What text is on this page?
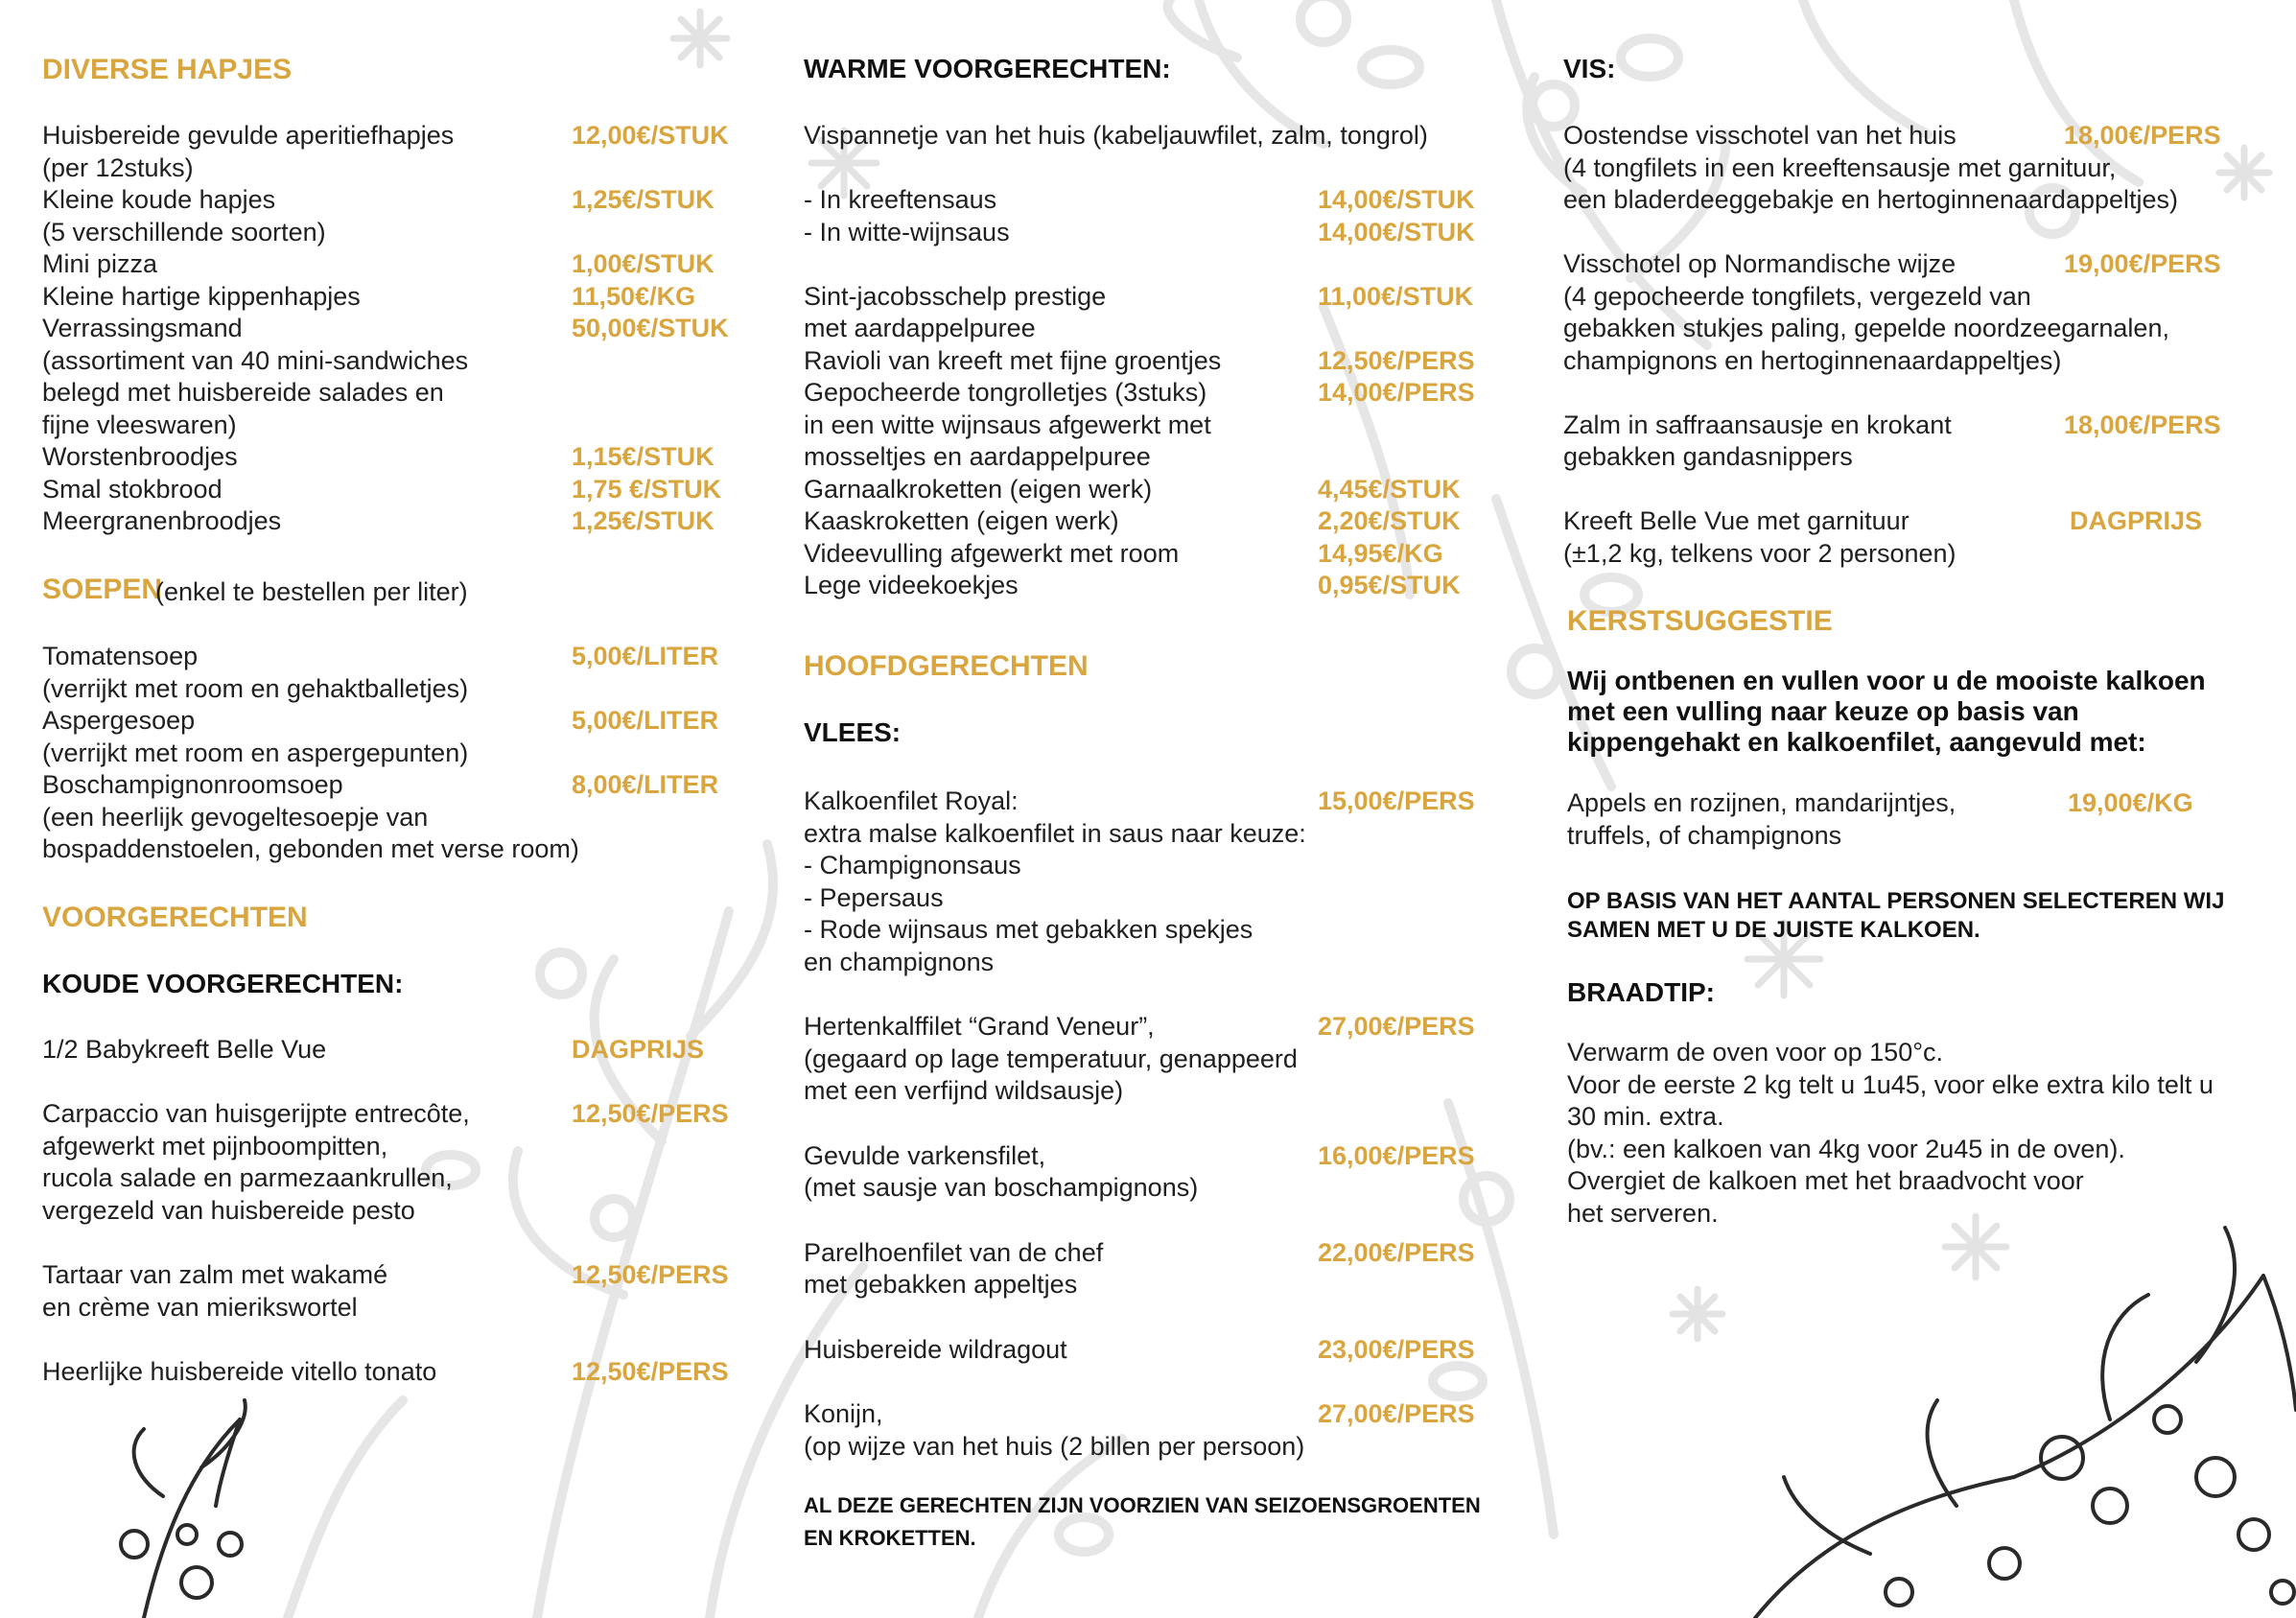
DIVERSE HAPJES
Huisbereide gevulde aperitiefhapjes	12,00€/STUK
(per 12stuks)
Kleine koude hapjes	1,25€/STUK
(5 verschillende soorten)
Mini pizza	1,00€/STUK
Kleine hartige kippenhapjes	11,50€/KG
Verrassingsmand	50,00€/STUK
(assortiment van 40 mini-sandwiches
belegd met huisbereide salades en
fijne vleeswaren)
Worstenbroodjes	1,15€/STUK
Smal stokbrood	1,75 €/STUK
Meergranenbroodjes	1,25€/STUK
SOEPEN
(enkel te bestellen per liter)
Tomatensoep	5,00€/LITER
(verrijkt met room en gehaktballetjes)
Aspergesoep	5,00€/LITER
(verrijkt met room en aspergepunten)
Boschampignonroomsoep	8,00€/LITER
(een heerlijk gevogeltesoepje van
bospaddenstoelen, gebonden met verse room)
VOORGERECHTEN
KOUDE VOORGERECHTEN:
1/2 Babykreeft Belle Vue	DAGPRIJS
Carpaccio van huisgerijpte entrecôte,	12,50€/PERS
afgewerkt met pijnboompitten,
rucola salade en parmezaankrullen,
vergezeld van huisbereide pesto
Tartaar van zalm met wakamé	12,50€/PERS
en crème van mierikswortel
Heerlijke huisbereide vitello tonato	12,50€/PERS
WARME VOORGERECHTEN:
Vispannetje van het huis (kabeljauwfilet, zalm, tongrol)
- In kreeftensaus	14,00€/STUK
- In witte-wijnsaus	14,00€/STUK
Sint-jacobsschelp prestige	11,00€/STUK
met aardappelpuree
Ravioli van kreeft met fijne groentjes	12,50€/PERS
Gepocheerde tongrolletjes (3stuks)	14,00€/PERS
in een witte wijnsaus afgewerkt met
mosseltjes en aardappelpuree
Garnaalkroketten (eigen werk)	4,45€/STUK
Kaaskroketten (eigen werk)	2,20€/STUK
Videevulling afgewerkt met room	14,95€/KG
Lege videekoekjes	0,95€/STUK
HOOFDGERECHTEN
VLEES:
Kalkoenfilet Royal:	15,00€/PERS
extra malse kalkoenfilet in saus naar keuze:
- Champignonsaus
- Pepersaus
- Rode wijnsaus met gebakken spekjes
en champignons
Hertenkalffilet “Grand Veneur”,	27,00€/PERS
(gegaard op lage temperatuur, genappeerd
met een verfijnd wildsausje)
Gevulde varkensfilet,	16,00€/PERS
(met sausje van boschampignons)
Parelhoenfilet van de chef	22,00€/PERS
met gebakken appeltjes
Huisbereide wildragout	23,00€/PERS
Konijn,	27,00€/PERS
(op wijze van het huis (2 billen per persoon)
AL DEZE GERECHTEN ZIJN VOORZIEN VAN SEIZOENSGROENTEN
EN KROKETTEN.
VIS:
Oostendse visschotel van het huis	18,00€/PERS
(4 tongfilets in een kreeftensausje met garnituur,
een bladerdeeggebakje en hertoginnenaardappeltjes)
Visschotel op Normandische wijze	19,00€/PERS
(4 gepocheerde tongfilets, vergezeld van
gebakken stukjes paling, gepelde noordzeegarnalen,
champignons en hertoginnenaardappeltjes)
Zalm in saffraansausje en krokant	18,00€/PERS
gebakken gandasnippers
Kreeft Belle Vue met garnituur	DAGPRIJS
(±1,2 kg, telkens voor 2 personen)
KERSTSUGGESTIE
Wij ontbenen en vullen voor u de mooiste kalkoen
met een vulling naar keuze op basis van
kippengehakt en kalkoenfilet, aangevuld met:
Appels en rozijnen, mandarijntjes,	19,00€/KG
truffels, of champignons
OP BASIS VAN HET AANTAL PERSONEN SELECTEREN WIJ
SAMEN MET U DE JUISTE KALKOEN.
BRAADTIP:
Verwarm de oven voor op 150°c.
Voor de eerste 2 kg telt u 1u45, voor elke extra kilo telt u
30 min. extra.
(bv.: een kalkoen van 4kg voor 2u45 in de oven).
Overgiet de kalkoen met het braadvocht voor
het serveren.
